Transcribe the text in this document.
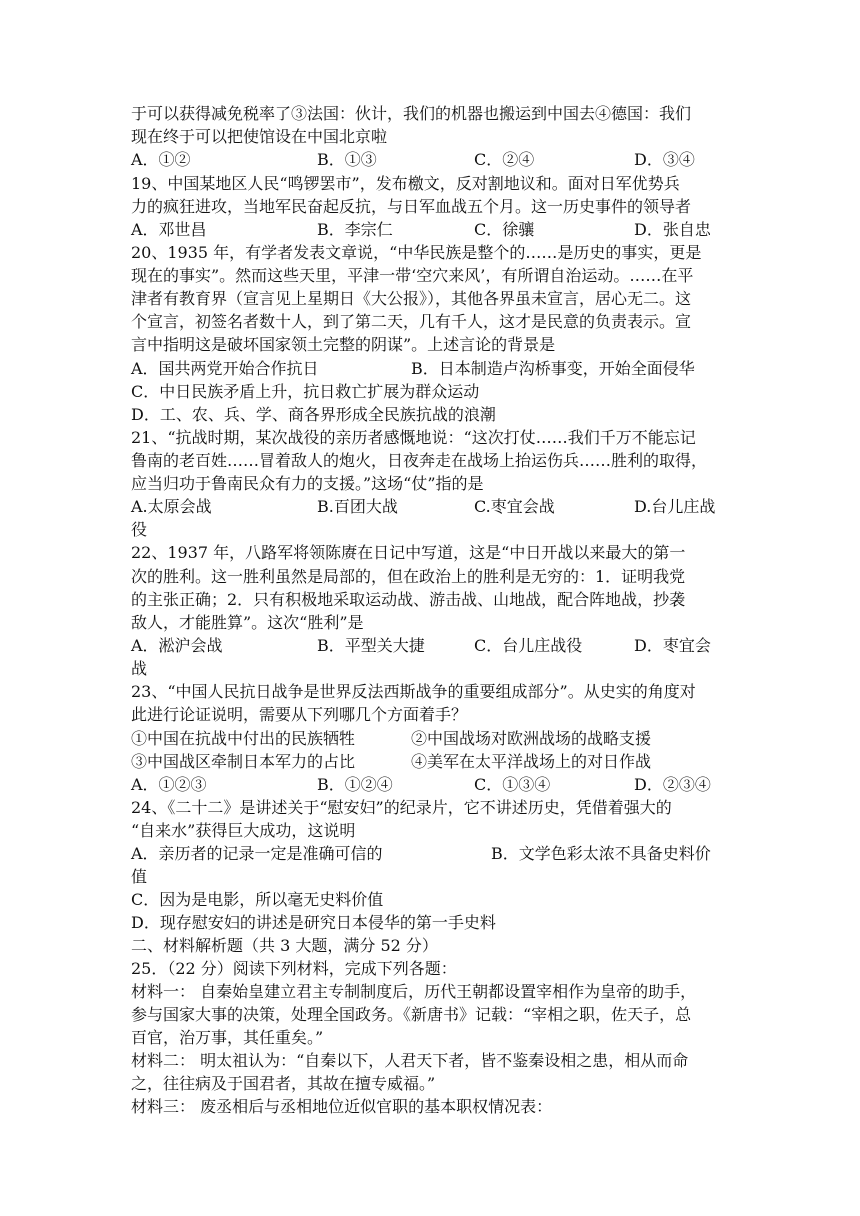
于可以获得减免税率了③法国：伙计，我们的机器也搬运到中国去④德国：我们
现在终于可以把使馆设在中国北京啦
A．①②	B．①③	C．②④	D．③④
19、中国某地区人民“鸣锣罢市”，发布檄文，反对割地议和。面对日军优势兵
力的疯狂进攻，当地军民奋起反抗，与日军血战五个月。这一历史事件的领导者
A．邓世昌	B．李宗仁	C．徐骧	D．张自忠
20、1935 年，有学者发表文章说，“中华民族是整个的……是历史的事实，更是
现在的事实”。然而这些天里，平津一带‘空穴来风’，有所谓自治运动。……在平
津者有教育界（宣言见上星期日《大公报》），其他各界虽未宣言，居心无二。这
个宣言，初签名者数十人，到了第二天，几有千人，这才是民意的负责表示。宣
言中指明这是破坏国家领土完整的阴谋”。上述言论的背景是
A．国共两党开始合作抗日	B．日本制造卢沟桥事变，开始全面侵华
C．中日民族矛盾上升，抗日救亡扩展为群众运动
D．工、农、兵、学、商各界形成全民族抗战的浪潮
21、“抗战时期，某次战役的亲历者感慨地说：“这次打仗……我们千万不能忘记
鲁南的老百姓……冒着敌人的炮火，日夜奔走在战场上抬运伤兵……胜利的取得，
应当归功于鲁南民众有力的支援。”这场“仗”指的是
A.太原会战	B.百团大战	C.枣宜会战	D.台儿庄战
役
22、1937 年，八路军将领陈赓在日记中写道，这是“中日开战以来最大的第一
次的胜利。这一胜利虽然是局部的，但在政治上的胜利是无穷的：1．证明我党
的主张正确；2．只有积极地采取运动战、游击战、山地战，配合阵地战，抄袭
敌人，才能胜算”。这次“胜利”是
A．淞沪会战	B．平型关大捷	C．台儿庄战役	D．枣宜会
战
23、“中国人民抗日战争是世界反法西斯战争的重要组成部分”。从史实的角度对
此进行论证说明，需要从下列哪几个方面着手？
①中国在抗战中付出的民族牺牲	②中国战场对欧洲战场的战略支援
③中国战区牵制日本军力的占比	④美军在太平洋战场上的对日作战
A．①②③	B．①②④	C．①③④	D．②③④
24、《二十二》是讲述关于“慰安妇”的纪录片，它不讲述历史，凭借着强大的
“自来水”获得巨大成功，这说明
A．亲历者的记录一定是准确可信的	B．文学色彩太浓不具备史料价
值
C．因为是电影，所以毫无史料价值
D．现存慰安妇的讲述是研究日本侵华的第一手史料
二、材料解析题（共 3 大题，满分 52 分）
25．（22 分）阅读下列材料，完成下列各题：
材料一： 自秦始皇建立君主专制制度后，历代王朝都设置宰相作为皇帝的助手，
参与国家大事的决策，处理全国政务。《新唐书》记载：“宰相之职，佐天子，总
百官，治万事，其任重矣。”
材料二： 明太祖认为：“自秦以下，人君天下者，皆不鉴秦设相之患，相从而命
之，往往病及于国君者，其故在擅专威福。”
材料三： 废丞相后与丞相地位近似官职的基本职权情况表：
